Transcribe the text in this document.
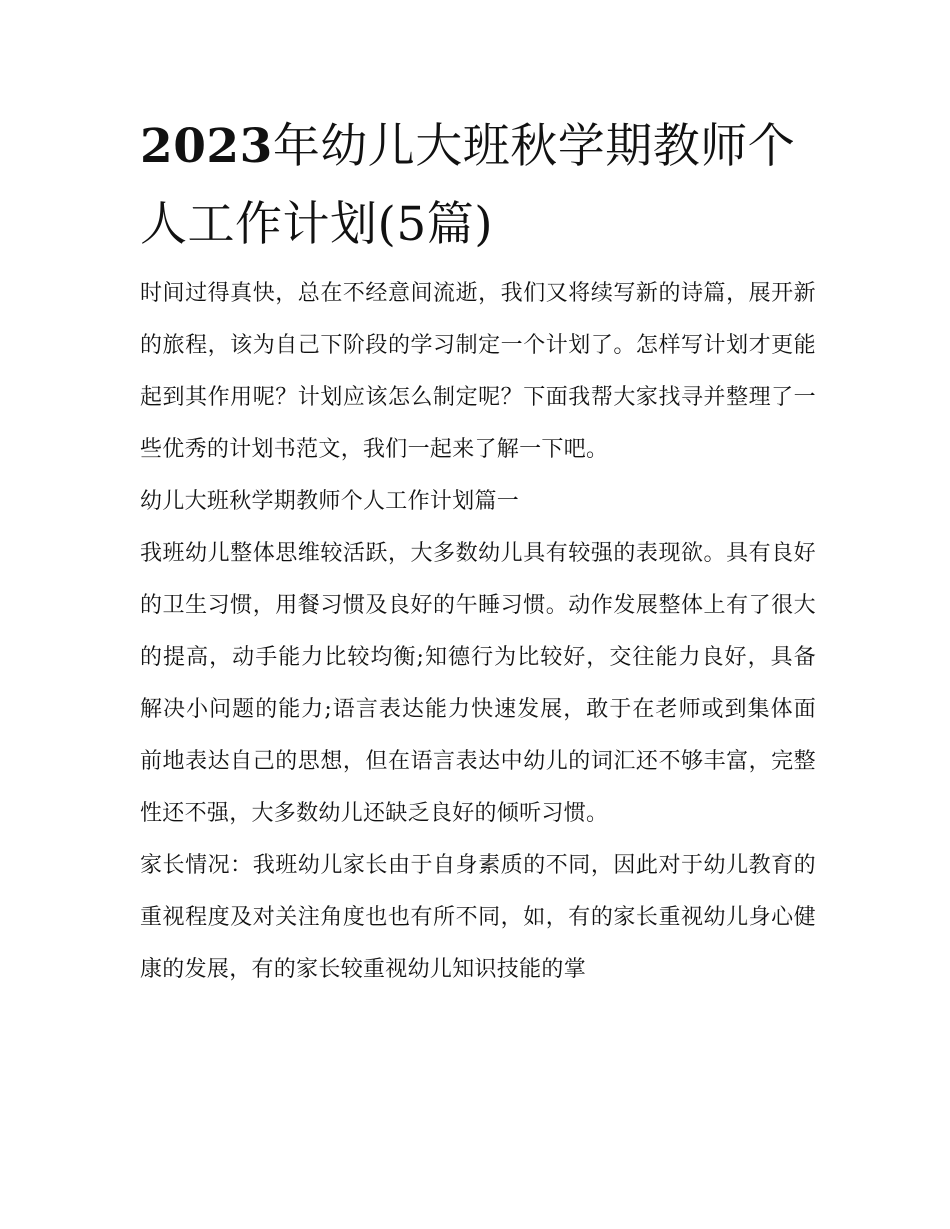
2023年幼儿大班秋学期教师个人工作计划(5篇)

时间过得真快，总在不经意间流逝，我们又将续写新的诗篇，展开新的旅程，该为自己下阶段的学习制定一个计划了。怎样写计划才更能起到其作用呢？计划应该怎么制定呢？下面我帮大家找寻并整理了一些优秀的计划书范文，我们一起来了解一下吧。

幼儿大班秋学期教师个人工作计划篇一

我班幼儿整体思维较活跃，大多数幼儿具有较强的表现欲。具有良好的卫生习惯，用餐习惯及良好的午睡习惯。动作发展整体上有了很大的提高，动手能力比较均衡;知德行为比较好，交往能力良好，具备解决小问题的能力;语言表达能力快速发展，敢于在老师或到集体面前地表达自己的思想，但在语言表达中幼儿的词汇还不够丰富，完整性还不强，大多数幼儿还缺乏良好的倾听习惯。

家长情况：我班幼儿家长由于自身素质的不同，因此对于幼儿教育的重视程度及对关注角度也也有所不同，如，有的家长重视幼儿身心健康的发展，有的家长较重视幼儿知识技能的掌
